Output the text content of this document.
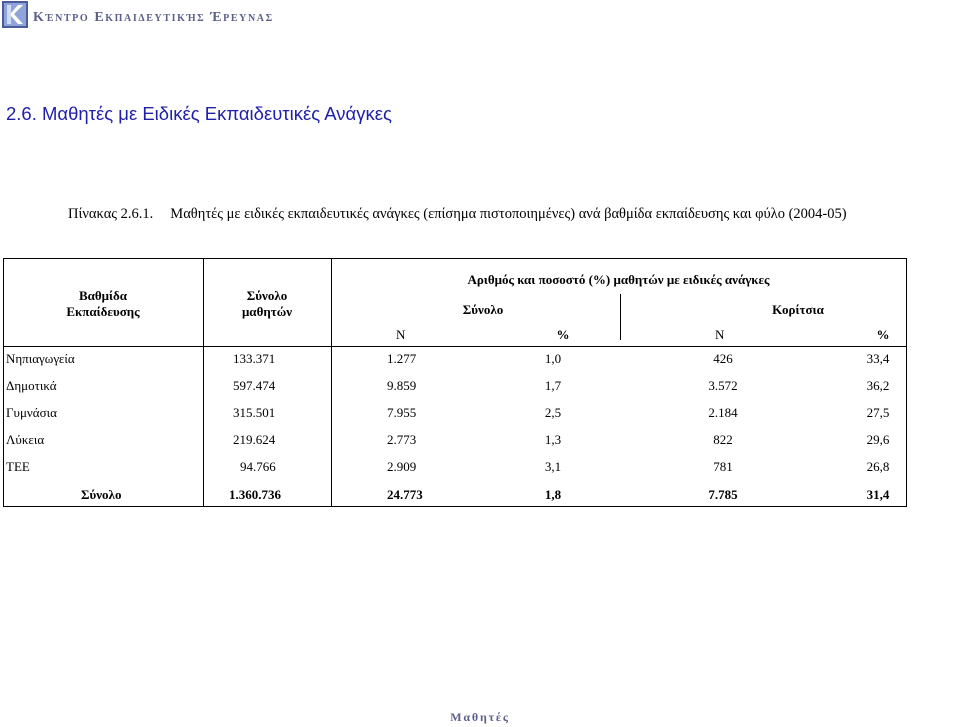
Κέντρο Εκπαιδευτικής Έρευνας
2.6. Μαθητές με Ειδικές Εκπαιδευτικές Ανάγκες
Πίνακας 2.6.1. Μαθητές με ειδικές εκπαιδευτικές ανάγκες (επίσημα πιστοποιημένες) ανά βαθμίδα εκπαίδευσης και φύλο (2004-05)
Βαθμίδα
Εκπαίδευσης
Σύνολο
μαθητών
Αριθμός και ποσοστό (%) μαθητών με ειδικές ανάγκες
Σύνολο	Κορίτσια
Ν	%	Ν	%
Νηπιαγωγεία	133.371	1.277	1,0	426	33,4
Δημοτικά	597.474	9.859	1,7	3.572	36,2
Γυμνάσια	315.501	7.955	2,5	2.184	27,5
Λύκεια	219.624	2.773	1,3	822	29,6
ΤΕΕ	94.766	2.909	3,1	781	26,8
Σύνολο	1.360.736	24.773	1,8	7.785	31,4
Μαθητές
